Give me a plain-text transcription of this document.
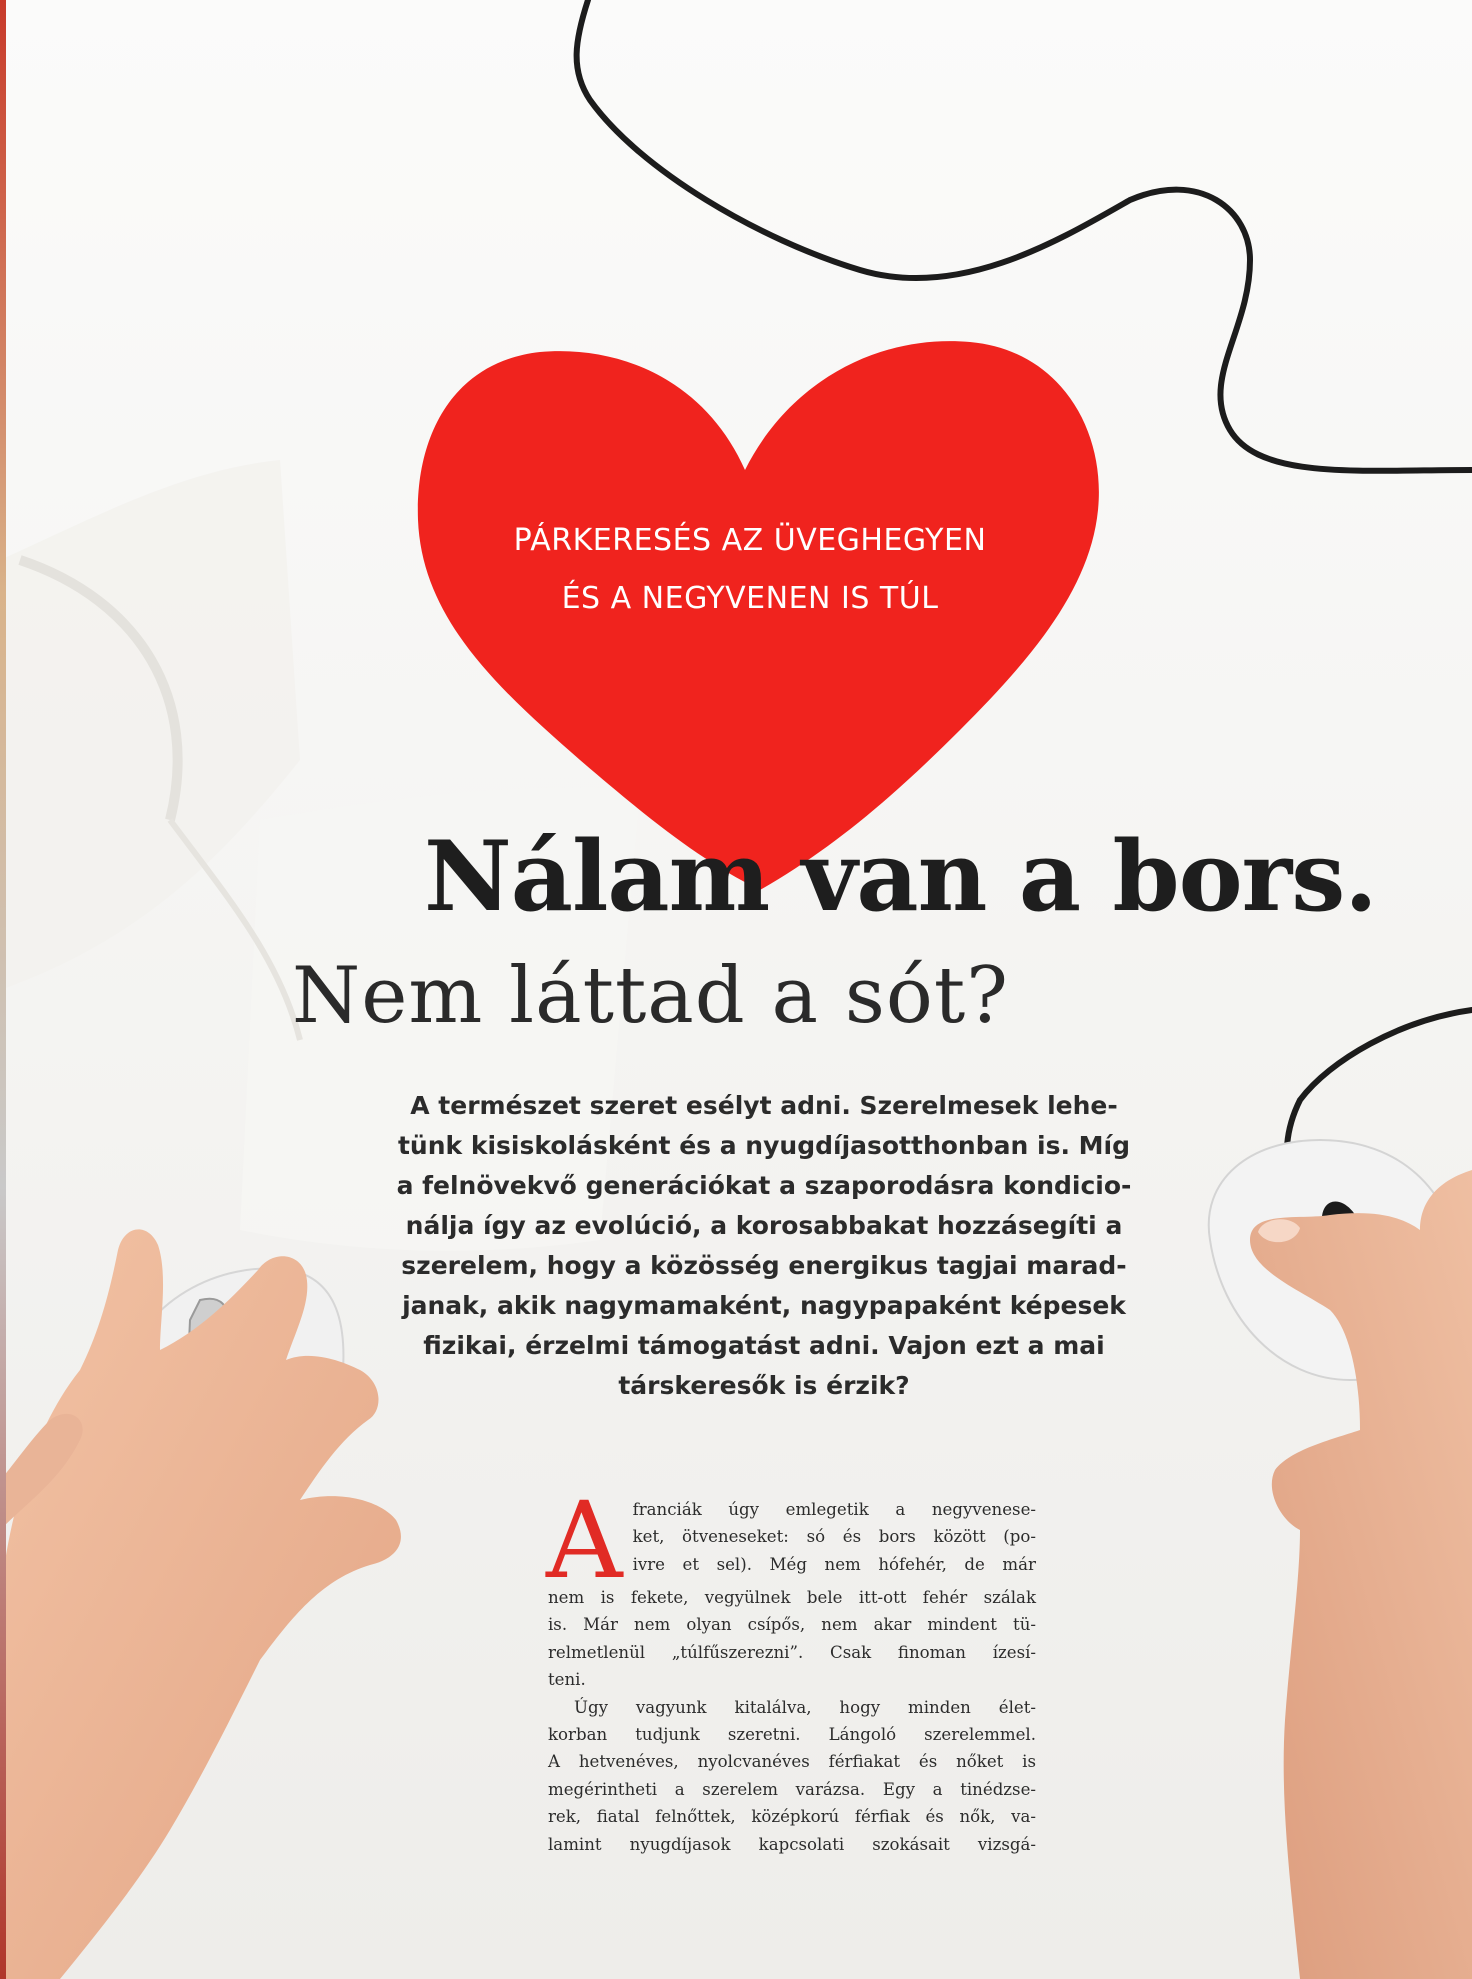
PÁRKERESÉS AZ ÜVEGHEGYEN
ÉS A NEGYVENEN IS TÚL
Nálam van a bors.
Nem láttad a sót?
A természet szeret esélyt adni. Szerelmesek lehe-
tünk kisiskolásként és a nyugdíjasotthonban is. Míg
a felnövekvő generációkat a szaporodásra kondicio-
nálja így az evolúció, a korosabbakat hozzásegíti a
szerelem, hogy a közösség energikus tagjai marad-
janak, akik nagymamaként, nagypapaként képesek
fizikai, érzelmi támogatást adni. Vajon ezt a mai
társkeresők is érzik?
A franciák úgy emlegetik a negyvenese-
ket, ötveneseket: só és bors között (po-
ivre et sel). Még nem hófehér, de már
nem is fekete, vegyülnek bele itt-ott fehér szálak
is. Már nem olyan csípős, nem akar mindent tü-
relmetlenül „túlfűszerezni”. Csak finoman ízesí-
teni.
Úgy vagyunk kitalálva, hogy minden élet-
korban tudjunk szeretni. Lángoló szerelemmel.
A hetvenéves, nyolcvanéves férfiakat és nőket is
megérintheti a szerelem varázsa. Egy a tinédzse-
rek, fiatal felnőttek, középkorú férfiak és nők, va-
lamint nyugdíjasok kapcsolati szokásait vizsgá-
